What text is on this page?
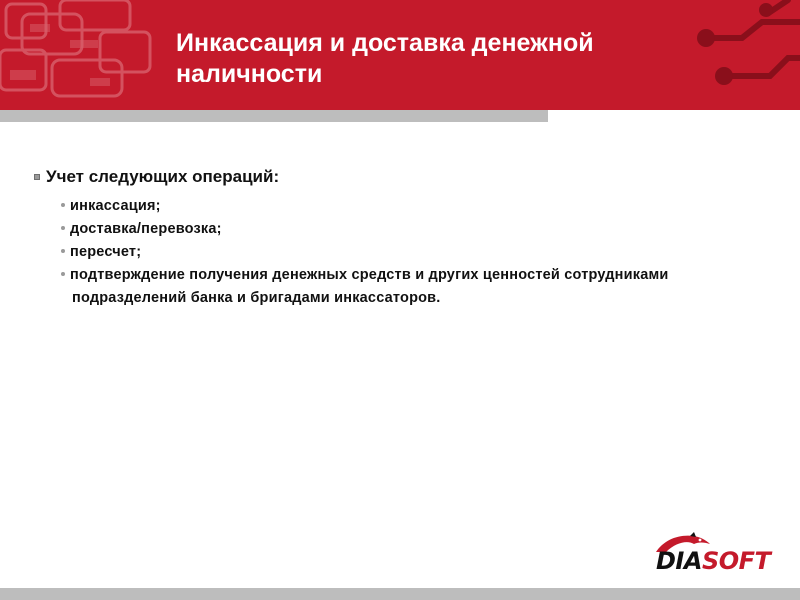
Инкассация и доставка денежной
наличности
Учет следующих операций:
инкассация;
доставка/перевозка;
пересчет;
подтверждение получения денежных средств и других ценностей сотрудниками подразделений банка и бригадами инкассаторов.
DIASOFT
